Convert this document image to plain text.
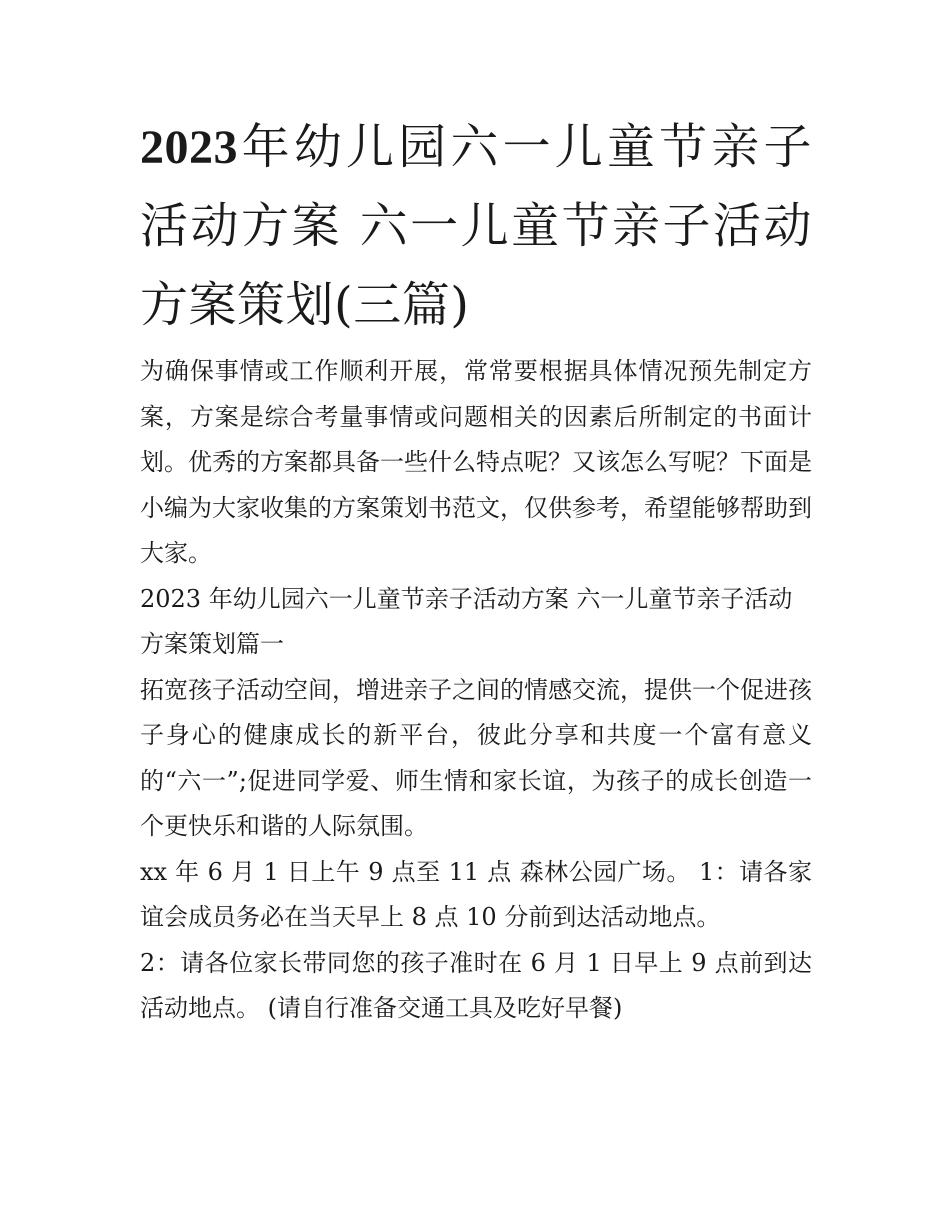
2023年幼儿园六一儿童节亲子活动方案 六一儿童节亲子活动方案策划(三篇)

为确保事情或工作顺利开展，常常要根据具体情况预先制定方案，方案是综合考量事情或问题相关的因素后所制定的书面计划。优秀的方案都具备一些什么特点呢？又该怎么写呢？下面是小编为大家收集的方案策划书范文，仅供参考，希望能够帮助到大家。

2023 年幼儿园六一儿童节亲子活动方案 六一儿童节亲子活动方案策划篇一

拓宽孩子活动空间，增进亲子之间的情感交流，提供一个促进孩子身心的健康成长的新平台，彼此分享和共度一个富有意义的“六一”;促进同学爱、师生情和家长谊，为孩子的成长创造一个更快乐和谐的人际氛围。

xx 年 6 月 1 日上午 9 点至 11 点 森林公园广场。 1：请各家谊会成员务必在当天早上 8 点 10 分前到达活动地点。

2：请各位家长带同您的孩子准时在 6 月 1 日早上 9 点前到达活动地点。 (请自行准备交通工具及吃好早餐)
